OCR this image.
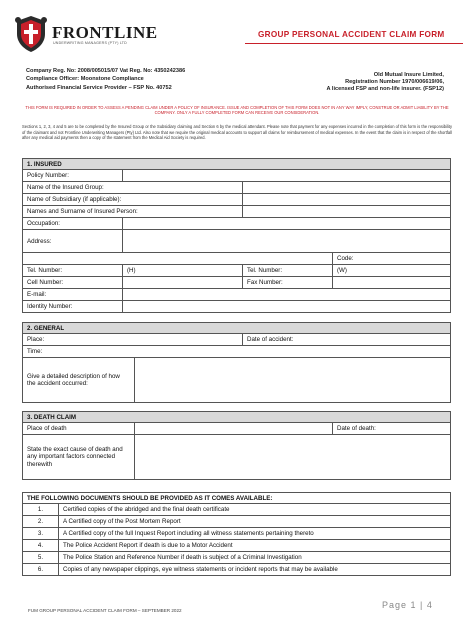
FRONTLINE
UNDERWRITING MANAGERS (PTY) LTD
GROUP PERSONAL ACCIDENT CLAIM FORM
Company Reg. No: 2008/005015/07 Vat Reg. No: 4350242386
Compliance Officer: Moonstone Compliance
Authorised Financial Service Provider – FSP No. 40752
Old Mutual Insure Limited,
Registration Number 1970/006619/06,
A licensed FSP and non-life insurer. (FSP12)
THIS FORM IS REQUIRED IN ORDER TO ASSESS A PENDING CLAIM UNDER A POLICY OF INSURANCE. ISSUE AND COMPLETION OF THIS FORM DOES NOT IN ANY WAY IMPLY, CONSTRUE OR ADMIT LIABILITY BY THE COMPANY. ONLY A FULLY COMPLETED FORM CAN RECEIVE OUR CONSIDERATION.
Sections 1, 2, 3, 4 and 5 are to be completed by the Insured Group or the Subsidiary claiming and Section 6 by the medical attendant. Please note that payment for any expenses incurred in the completion of this form is the responsibility of the claimant and not Frontline Underwriting Managers (Pty) Ltd. Also note that we require the original medical accounts to support all claims for reimbursement of medical expenses. In the event that the claim is in respect of the shortfall after any medical aid payments then a copy of the statement from the Medical Aid Society is required.
1. INSURED			
Policy Number:			
Name of the Insured Group:			
Name of Subsidiary (if applicable):			
Names and Surname of Insured Person:			
Occupation:			
Address:			
			Code:
Tel. Number:	(H)	Tel. Number:	(W)
Cell Number:		Fax Number:	
E-mail:			
Identity Number:			
2. GENERAL		
Place:		Date of accident:
Time:		
Give a detailed description of how the accident occurred:		
3. DEATH CLAIM		
Place of death		Date of death:
State the exact cause of death and any important factors connected therewith		
THE FOLLOWING DOCUMENTS SHOULD BE PROVIDED AS IT COMES AVAILABLE:	
1.	Certified copies of the abridged and the final death certificate
2.	A Certified copy of the Post Mortem Report
3.	A Certified copy of the full Inquest Report including all witness statements pertaining thereto
4.	The Police Accident Report if death is due to a Motor Accident
5.	The Police Station and Reference Number if death is subject of a Criminal Investigation
6.	Copies of any newspaper clippings, eye witness statements or incident reports that may be available
FUM GROUP PERSONAL ACCIDENT CLAIM FORM – SEPTEMBER 2022
Page 1 | 4
